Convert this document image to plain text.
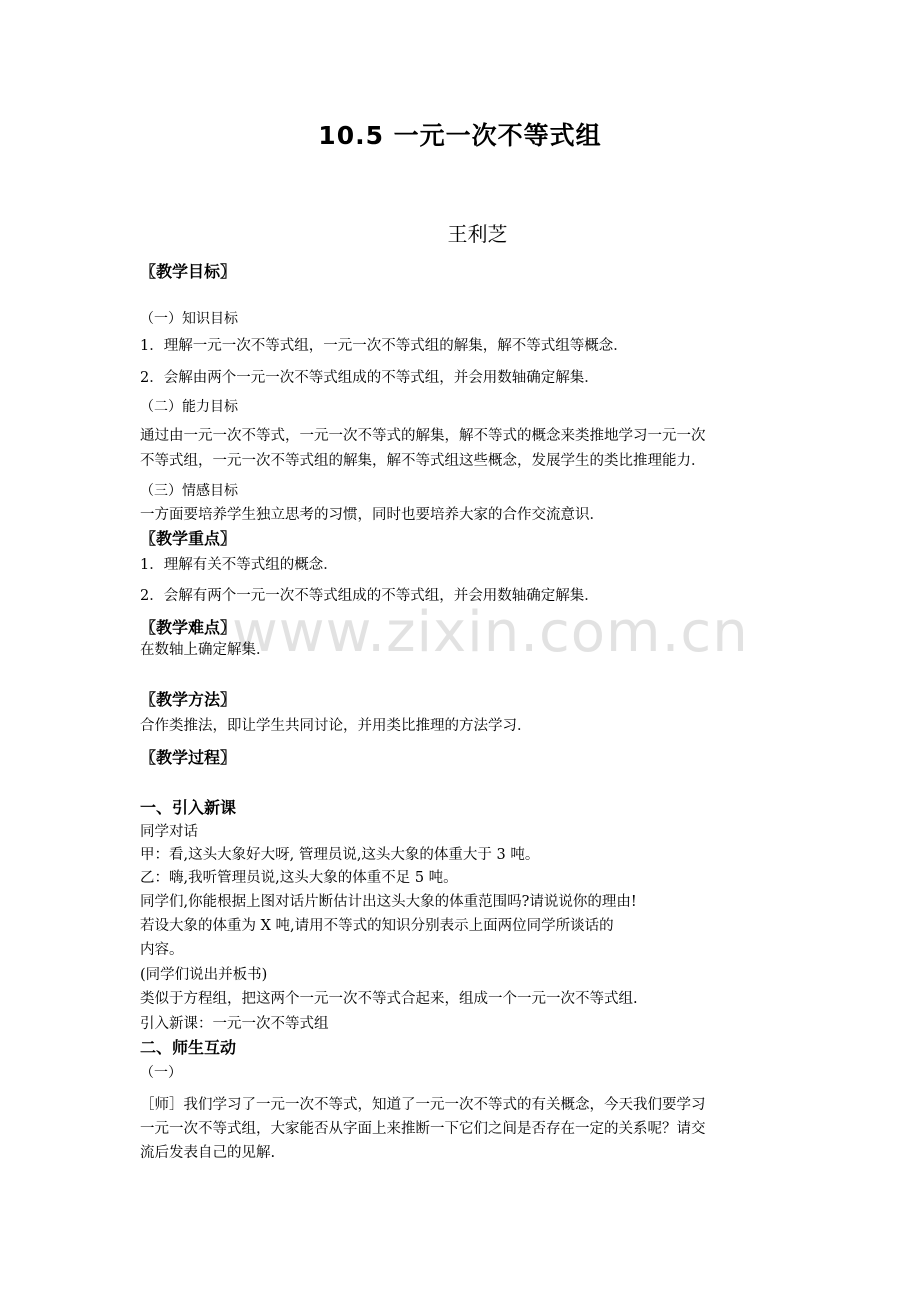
www.zixin.com.cn
10.5 一元一次不等式组
王利芝

〖教学目标〗

（一）知识目标

1．理解一元一次不等式组，一元一次不等式组的解集，解不等式组等概念．

2．会解由两个一元一次不等式组成的不等式组，并会用数轴确定解集．

（二）能力目标

通过由一元一次不等式，一元一次不等式的解集，解不等式的概念来类推地学习一元一次

不等式组，一元一次不等式组的解集，解不等式组这些概念，发展学生的类比推理能力．

（三）情感目标

一方面要培养学生独立思考的习惯，同时也要培养大家的合作交流意识．

〖教学重点〗

1．理解有关不等式组的概念．

2．会解有两个一元一次不等式组成的不等式组，并会用数轴确定解集．

〖教学难点〗

在数轴上确定解集．

〖教学方法〗

合作类推法，即让学生共同讨论，并用类比推理的方法学习．

〖教学过程〗

一、引入新课

同学对话

甲：看,这头大象好大呀, 管理员说,这头大象的体重大于 3 吨。

乙：嗨,我听管理员说,这头大象的体重不足 5 吨。

同学们,你能根据上图对话片断估计出这头大象的体重范围吗?请说说你的理由!

若设大象的体重为 X 吨,请用不等式的知识分别表示上面两位同学所谈话的

内容。

(同学们说出并板书)

类似于方程组，把这两个一元一次不等式合起来，组成一个一元一次不等式组.

引入新课：一元一次不等式组

二、师生互动

（一）

［师］我们学习了一元一次不等式，知道了一元一次不等式的有关概念，今天我们要学习

一元一次不等式组，大家能否从字面上来推断一下它们之间是否存在一定的关系呢？请交

流后发表自己的见解.
